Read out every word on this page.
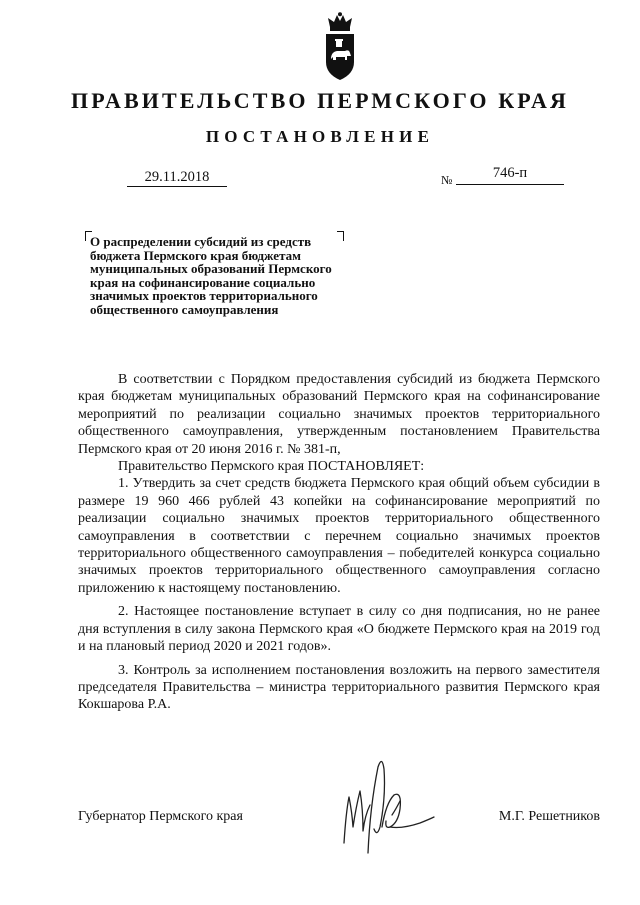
ПРАВИТЕЛЬСТВО ПЕРМСКОГО КРАЯ
ПОСТАНОВЛЕНИЕ
29.11.2018	№	746-п
О распределении субсидий из средств
бюджета Пермского края бюджетам
муниципальных образований Пермского
края на софинансирование социально
значимых проектов территориального
общественного самоуправления

В соответствии с Порядком предоставления субсидий из бюджета Пермского края бюджетам муниципальных образований Пермского края на софинансирование мероприятий по реализации социально значимых проектов территориального общественного самоуправления, утвержденным постановлением Правительства Пермского края от 20 июня 2016 г. № 381-п,

Правительство Пермского края ПОСТАНОВЛЯЕТ:

1. Утвердить за счет средств бюджета Пермского края общий объем субсидии в размере 19 960 466 рублей 43 копейки на софинансирование мероприятий по реализации социально значимых проектов территориального общественного самоуправления в соответствии с перечнем социально значимых проектов территориального общественного самоуправления – победителей конкурса социально значимых проектов территориального общественного самоуправления согласно приложению к настоящему постановлению.

2. Настоящее постановление вступает в силу со дня подписания, но не ранее дня вступления в силу закона Пермского края «О бюджете Пермского края на 2019 год и на плановый период 2020 и 2021 годов».

3. Контроль за исполнением постановления возложить на первого заместителя председателя Правительства – министра территориального развития Пермского края Кокшарова Р.А.

Губернатор Пермского края	М.Г. Решетников
